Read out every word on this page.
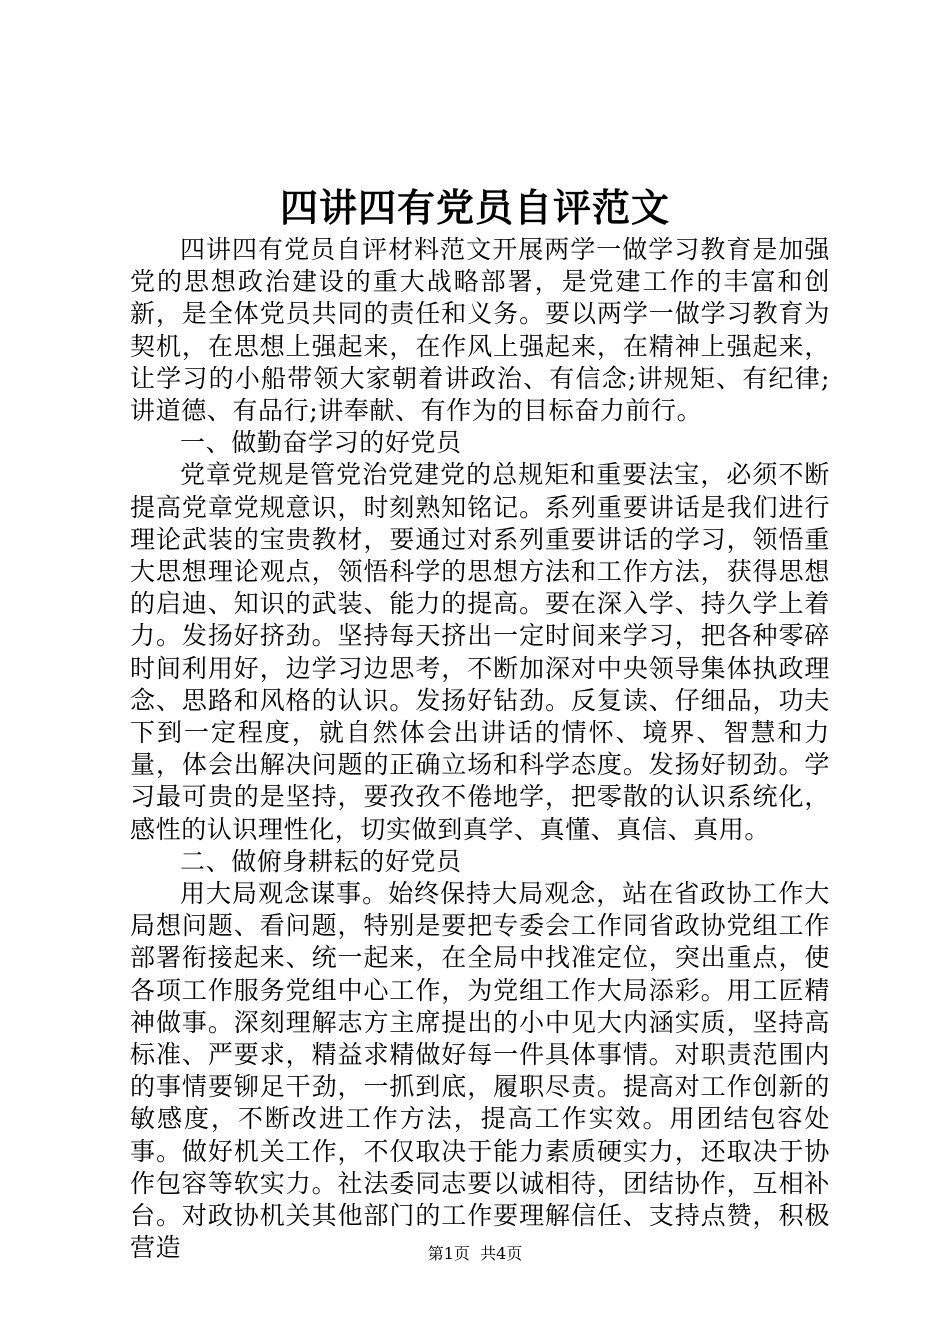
四讲四有党员自评范文

四讲四有党员自评材料范文开展两学一做学习教育是加强党的思想政治建设的重大战略部署，是党建工作的丰富和创新，是全体党员共同的责任和义务。要以两学一做学习教育为契机，在思想上强起来，在作风上强起来，在精神上强起来，让学习的小船带领大家朝着讲政治、有信念;讲规矩、有纪律;讲道德、有品行;讲奉献、有作为的目标奋力前行。

一、做勤奋学习的好党员

党章党规是管党治党建党的总规矩和重要法宝，必须不断提高党章党规意识，时刻熟知铭记。系列重要讲话是我们进行理论武装的宝贵教材，要通过对系列重要讲话的学习，领悟重大思想理论观点，领悟科学的思想方法和工作方法，获得思想的启迪、知识的武装、能力的提高。要在深入学、持久学上着力。发扬好挤劲。坚持每天挤出一定时间来学习，把各种零碎时间利用好，边学习边思考，不断加深对中央领导集体执政理念、思路和风格的认识。发扬好钻劲。反复读、仔细品，功夫下到一定程度，就自然体会出讲话的情怀、境界、智慧和力量，体会出解决问题的正确立场和科学态度。发扬好韧劲。学习最可贵的是坚持，要孜孜不倦地学，把零散的认识系统化，感性的认识理性化，切实做到真学、真懂、真信、真用。

二、做俯身耕耘的好党员

用大局观念谋事。始终保持大局观念，站在省政协工作大局想问题、看问题，特别是要把专委会工作同省政协党组工作部署衔接起来、统一起来，在全局中找准定位，突出重点，使各项工作服务党组中心工作，为党组工作大局添彩。用工匠精神做事。深刻理解志方主席提出的小中见大内涵实质，坚持高标准、严要求，精益求精做好每一件具体事情。对职责范围内的事情要铆足干劲，一抓到底，履职尽责。提高对工作创新的敏感度，不断改进工作方法，提高工作实效。用团结包容处事。做好机关工作，不仅取决于能力素质硬实力，还取决于协作包容等软实力。社法委同志要以诚相待，团结协作，互相补台。对政协机关其他部门的工作要理解信任、支持点赞，积极营造	第1页 共4页
